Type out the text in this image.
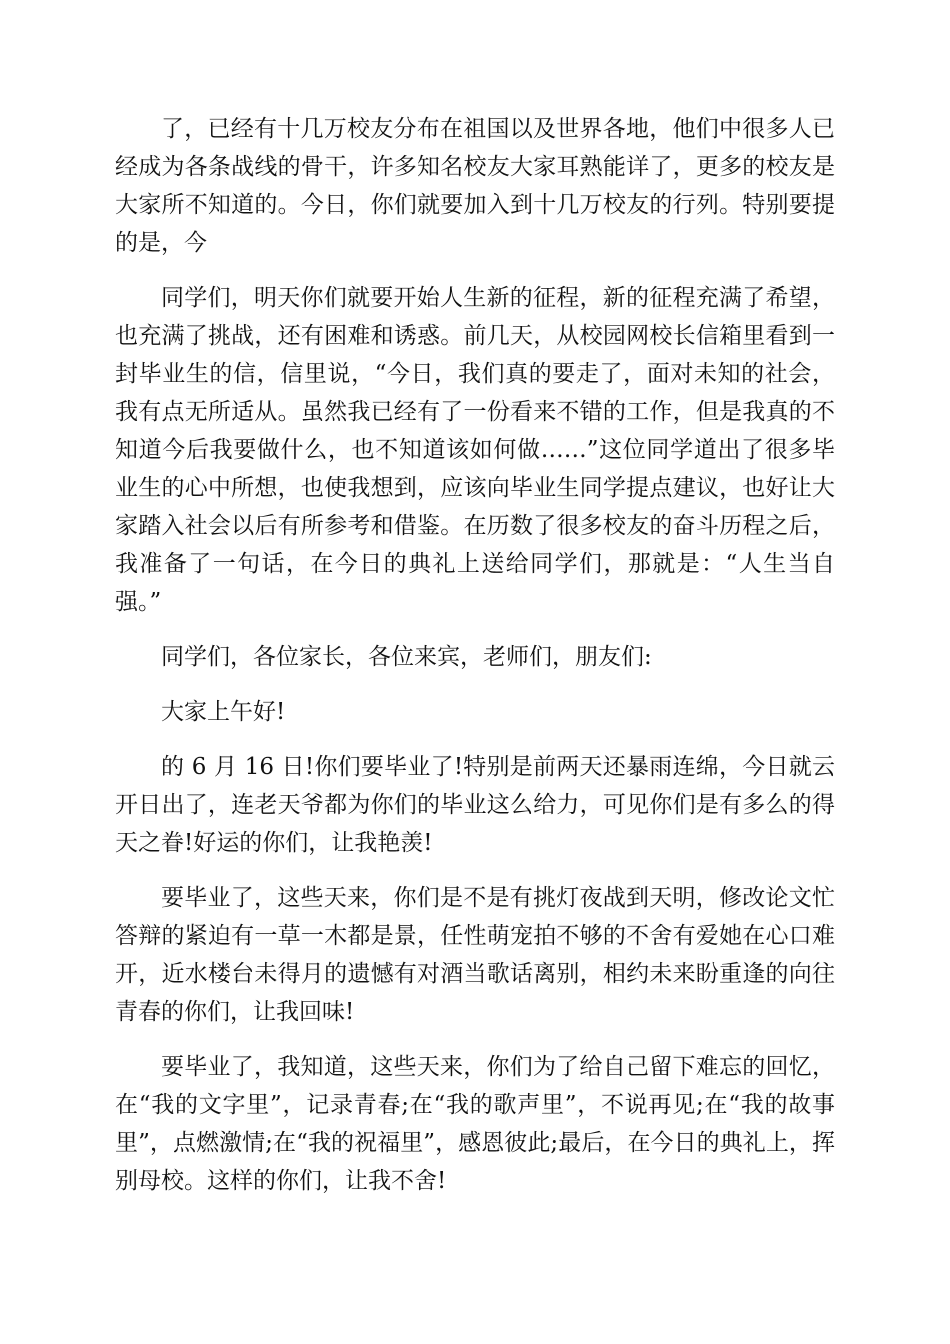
了，已经有十几万校友分布在祖国以及世界各地，他们中很多人已经成为各条战线的骨干，许多知名校友大家耳熟能详了，更多的校友是大家所不知道的。今日，你们就要加入到十几万校友的行列。特别要提的是，今

同学们，明天你们就要开始人生新的征程，新的征程充满了希望，也充满了挑战，还有困难和诱惑。前几天，从校园网校长信箱里看到一封毕业生的信，信里说，“今日，我们真的要走了，面对未知的社会，我有点无所适从。虽然我已经有了一份看来不错的工作，但是我真的不知道今后我要做什么，也不知道该如何做……”这位同学道出了很多毕业生的心中所想，也使我想到，应该向毕业生同学提点建议，也好让大家踏入社会以后有所参考和借鉴。在历数了很多校友的奋斗历程之后，我准备了一句话，在今日的典礼上送给同学们，那就是：“人生当自强。”

同学们，各位家长，各位来宾，老师们，朋友们:

大家上午好!

的 6 月 16 日!你们要毕业了!特别是前两天还暴雨连绵，今日就云开日出了，连老天爷都为你们的毕业这么给力，可见你们是有多么的得天之眷!好运的你们，让我艳羡!

要毕业了，这些天来，你们是不是有挑灯夜战到天明，修改论文忙答辩的紧迫有一草一木都是景，任性萌宠拍不够的不舍有爱她在心口难开，近水楼台未得月的遗憾有对酒当歌话离别，相约未来盼重逢的向往青春的你们，让我回味!

要毕业了，我知道，这些天来，你们为了给自己留下难忘的回忆，在“我的文字里”，记录青春;在“我的歌声里”，不说再见;在“我的故事里”，点燃激情;在“我的祝福里”，感恩彼此;最后，在今日的典礼上，挥别母校。这样的你们，让我不舍!
